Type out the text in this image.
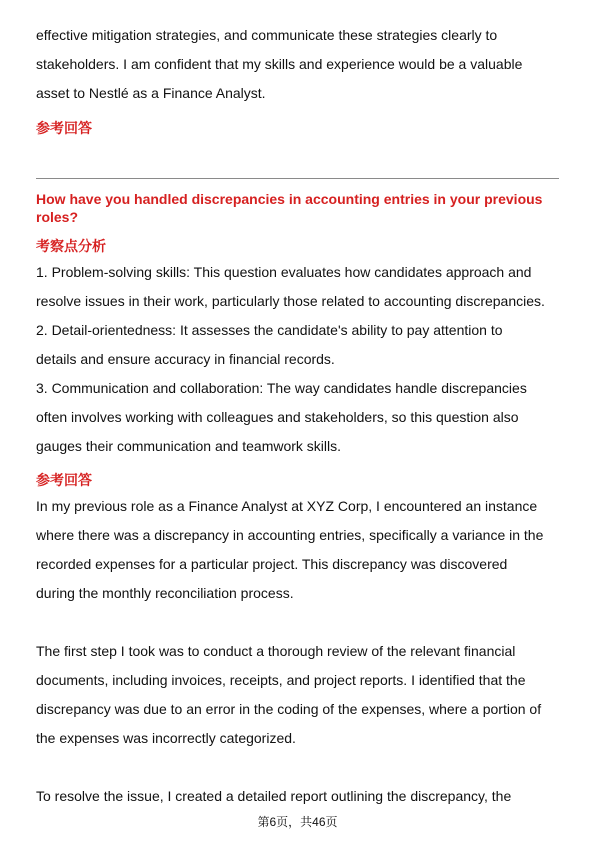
effective mitigation strategies, and communicate these strategies clearly to
stakeholders. I am confident that my skills and experience would be a valuable
asset to Nestlé as a Finance Analyst.
参考回答
How have you handled discrepancies in accounting entries in your previous
roles?
考察点分析
1. Problem-solving skills: This question evaluates how candidates approach and
resolve issues in their work, particularly those related to accounting discrepancies.
2. Detail-orientedness: It assesses the candidate's ability to pay attention to
details and ensure accuracy in financial records.
3. Communication and collaboration: The way candidates handle discrepancies
often involves working with colleagues and stakeholders, so this question also
gauges their communication and teamwork skills.
参考回答
In my previous role as a Finance Analyst at XYZ Corp, I encountered an instance
where there was a discrepancy in accounting entries, specifically a variance in the
recorded expenses for a particular project. This discrepancy was discovered
during the monthly reconciliation process.
The first step I took was to conduct a thorough review of the relevant financial
documents, including invoices, receipts, and project reports. I identified that the
discrepancy was due to an error in the coding of the expenses, where a portion of
the expenses was incorrectly categorized.
To resolve the issue, I created a detailed report outlining the discrepancy, the
第6页，共46页
